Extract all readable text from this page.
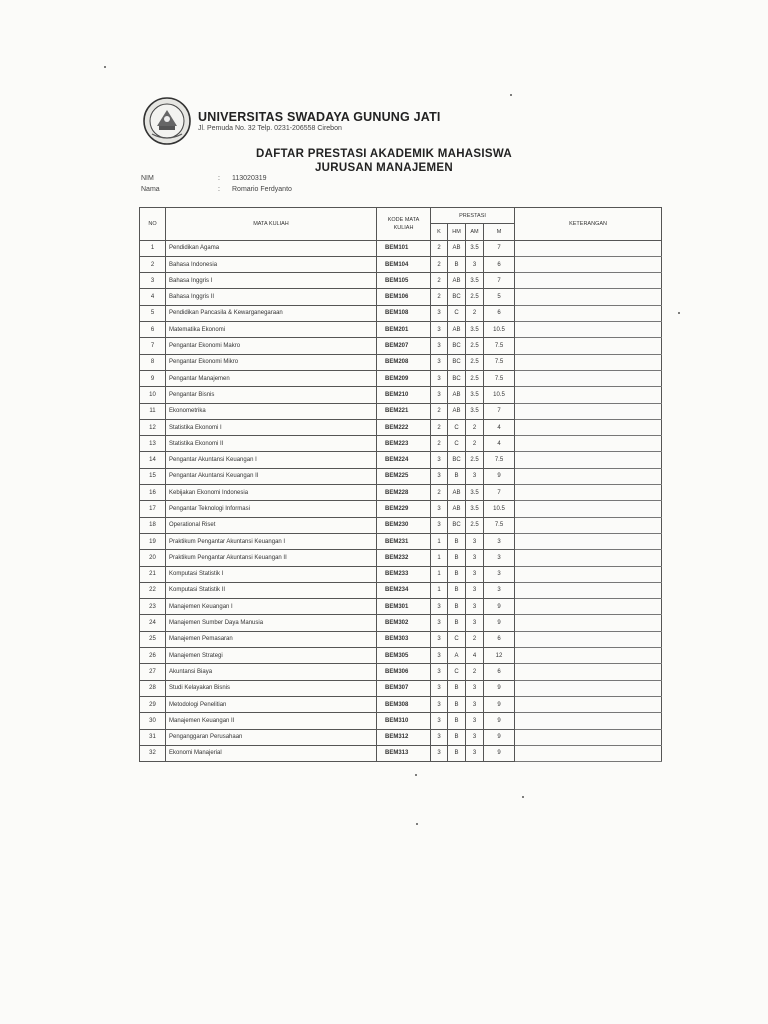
UNIVERSITAS SWADAYA GUNUNG JATI
Jl. Pemuda No. 32 Telp. 0231-206558 Cirebon
DAFTAR PRESTASI AKADEMIK MAHASISWA
JURUSAN MANAJEMEN
NIM	: 113020319
Nama	: Romario Ferdyanto
NO	MATA KULIAH	KODE MATA KULIAH	PRESTASI				KETERANGAN
			K	HM	AM	M	
1	Pendidikan Agama	BEM101	2	AB	3.5	7	
2	Bahasa Indonesia	BEM104	2	B	3	6	
3	Bahasa Inggris I	BEM105	2	AB	3.5	7	
4	Bahasa Inggris II	BEM106	2	BC	2.5	5	
5	Pendidikan Pancasila & Kewarganegaraan	BEM108	3	C	2	6	
6	Matematika Ekonomi	BEM201	3	AB	3.5	10.5	
7	Pengantar Ekonomi Makro	BEM207	3	BC	2.5	7.5	
8	Pengantar Ekonomi Mikro	BEM208	3	BC	2.5	7.5	
9	Pengantar Manajemen	BEM209	3	BC	2.5	7.5	
10	Pengantar Bisnis	BEM210	3	AB	3.5	10.5	
11	Ekonometrika	BEM221	2	AB	3.5	7	
12	Statistika Ekonomi I	BEM222	2	C	2	4	
13	Statistika Ekonomi II	BEM223	2	C	2	4	
14	Pengantar Akuntansi Keuangan I	BEM224	3	BC	2.5	7.5	
15	Pengantar Akuntansi Keuangan II	BEM225	3	B	3	9	
16	Kebijakan Ekonomi Indonesia	BEM228	2	AB	3.5	7	
17	Pengantar Teknologi Informasi	BEM229	3	AB	3.5	10.5	
18	Operational Riset	BEM230	3	BC	2.5	7.5	
19	Praktikum Pengantar Akuntansi Keuangan I	BEM231	1	B	3	3	
20	Praktikum Pengantar Akuntansi Keuangan II	BEM232	1	B	3	3	
21	Komputasi Statistik I	BEM233	1	B	3	3	
22	Komputasi Statistik II	BEM234	1	B	3	3	
23	Manajemen Keuangan I	BEM301	3	B	3	9	
24	Manajemen Sumber Daya Manusia	BEM302	3	B	3	9	
25	Manajemen Pemasaran	BEM303	3	C	2	6	
26	Manajemen Strategi	BEM305	3	A	4	12	
27	Akuntansi Biaya	BEM306	3	C	2	6	
28	Studi Kelayakan Bisnis	BEM307	3	B	3	9	
29	Metodologi Penelitian	BEM308	3	B	3	9	
30	Manajemen Keuangan II	BEM310	3	B	3	9	
31	Penganggaran Perusahaan	BEM312	3	B	3	9	
32	Ekonomi Manajerial	BEM313	3	B	3	9	
